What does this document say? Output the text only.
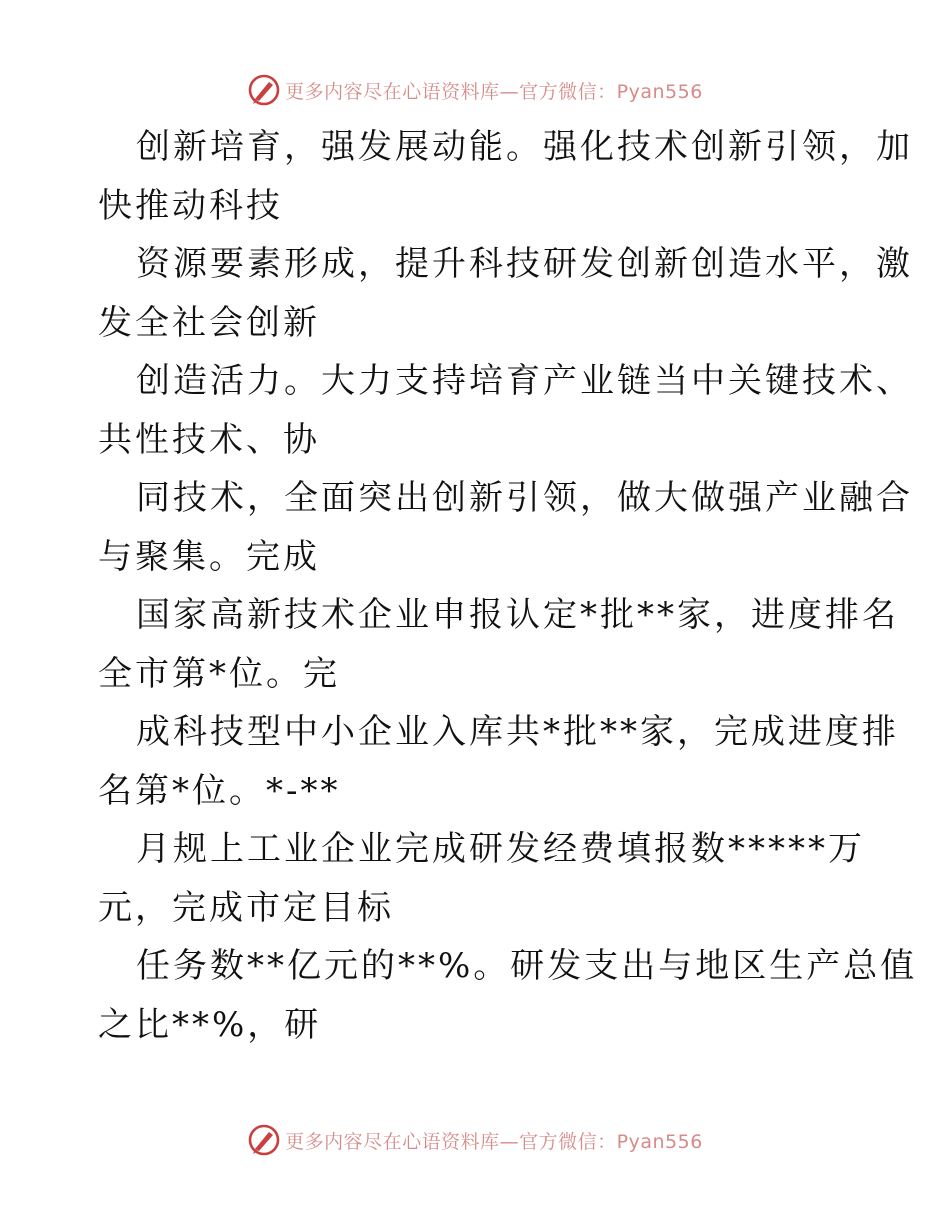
更多内容尽在心语资料库—官方微信：Pyan556

创新培育，强发展动能。强化技术创新引领，加
快推动科技

资源要素形成，提升科技研发创新创造水平，激
发全社会创新

创造活力。大力支持培育产业链当中关键技术、
共性技术、协

同技术，全面突出创新引领，做大做强产业融合
与聚集。完成

国家高新技术企业申报认定*批**家，进度排名
全市第*位。完

成科技型中小企业入库共*批**家，完成进度排
名第*位。*-**

月规上工业企业完成研发经费填报数*****万
元，完成市定目标

任务数**亿元的**%。研发支出与地区生产总值
之比**%，研

更多内容尽在心语资料库—官方微信：Pyan556
